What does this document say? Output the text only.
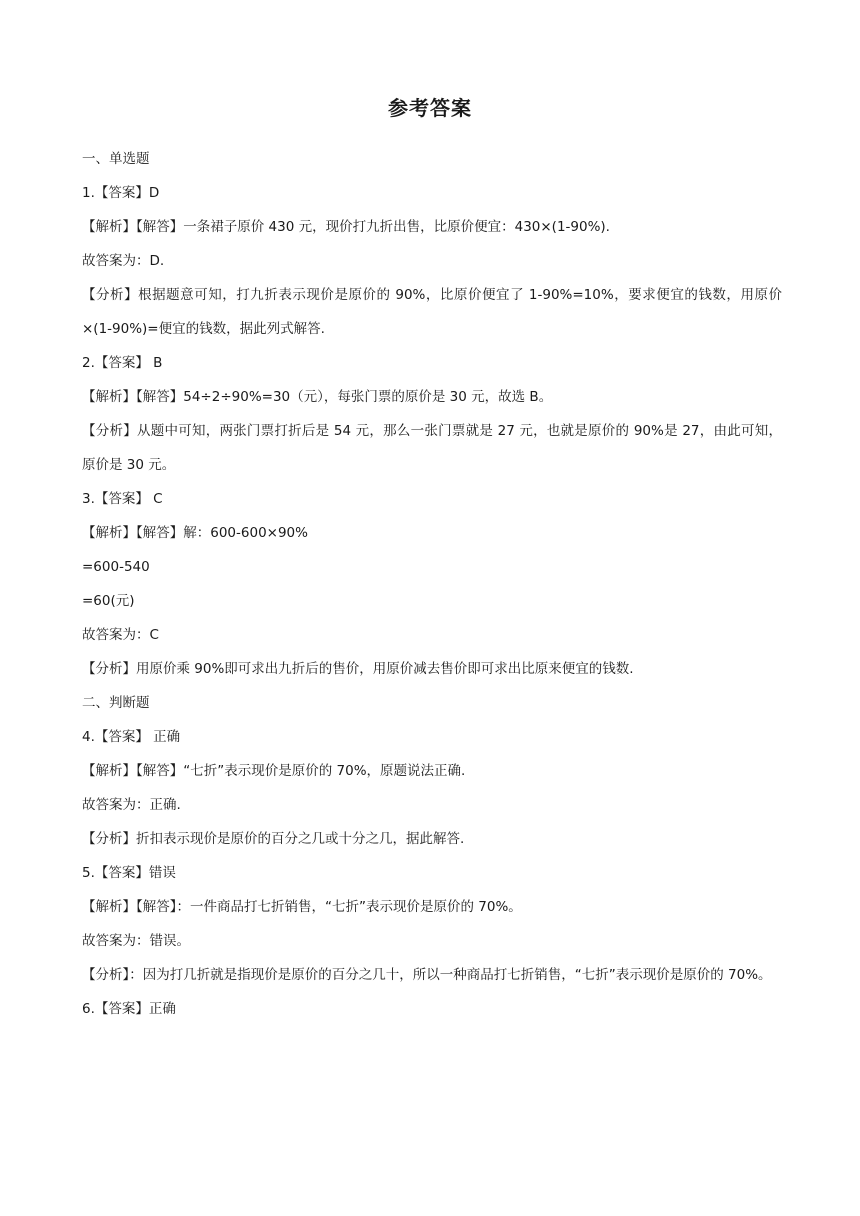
参考答案
一、单选题
1.【答案】D
【解析】【解答】一条裙子原价 430 元，现价打九折出售，比原价便宜：430×(1-90%).
故答案为：D.
【分析】根据题意可知，打九折表示现价是原价的 90%，比原价便宜了 1-90%=10%，要求便宜的钱数，用原价×(1-90%)=便宜的钱数，据此列式解答.
2.【答案】 B
【解析】【解答】54÷2÷90%=30（元），每张门票的原价是 30 元，故选 B。
【分析】从题中可知，两张门票打折后是 54 元，那么一张门票就是 27 元，也就是原价的 90%是 27，由此可知，原价是 30 元。
3.【答案】 C
【解析】【解答】解：600-600×90%
=600-540
=60(元)
故答案为：C
【分析】用原价乘 90%即可求出九折后的售价，用原价减去售价即可求出比原来便宜的钱数.
二、判断题
4.【答案】 正确
【解析】【解答】“七折”表示现价是原价的 70%，原题说法正确.
故答案为：正确.
【分析】折扣表示现价是原价的百分之几或十分之几，据此解答.
5.【答案】错误
【解析】【解答】：一件商品打七折销售，“七折”表示现价是原价的 70%。
故答案为：错误。
【分析】：因为打几折就是指现价是原价的百分之几十，所以一种商品打七折销售，“七折”表示现价是原价的 70%。
6.【答案】正确
